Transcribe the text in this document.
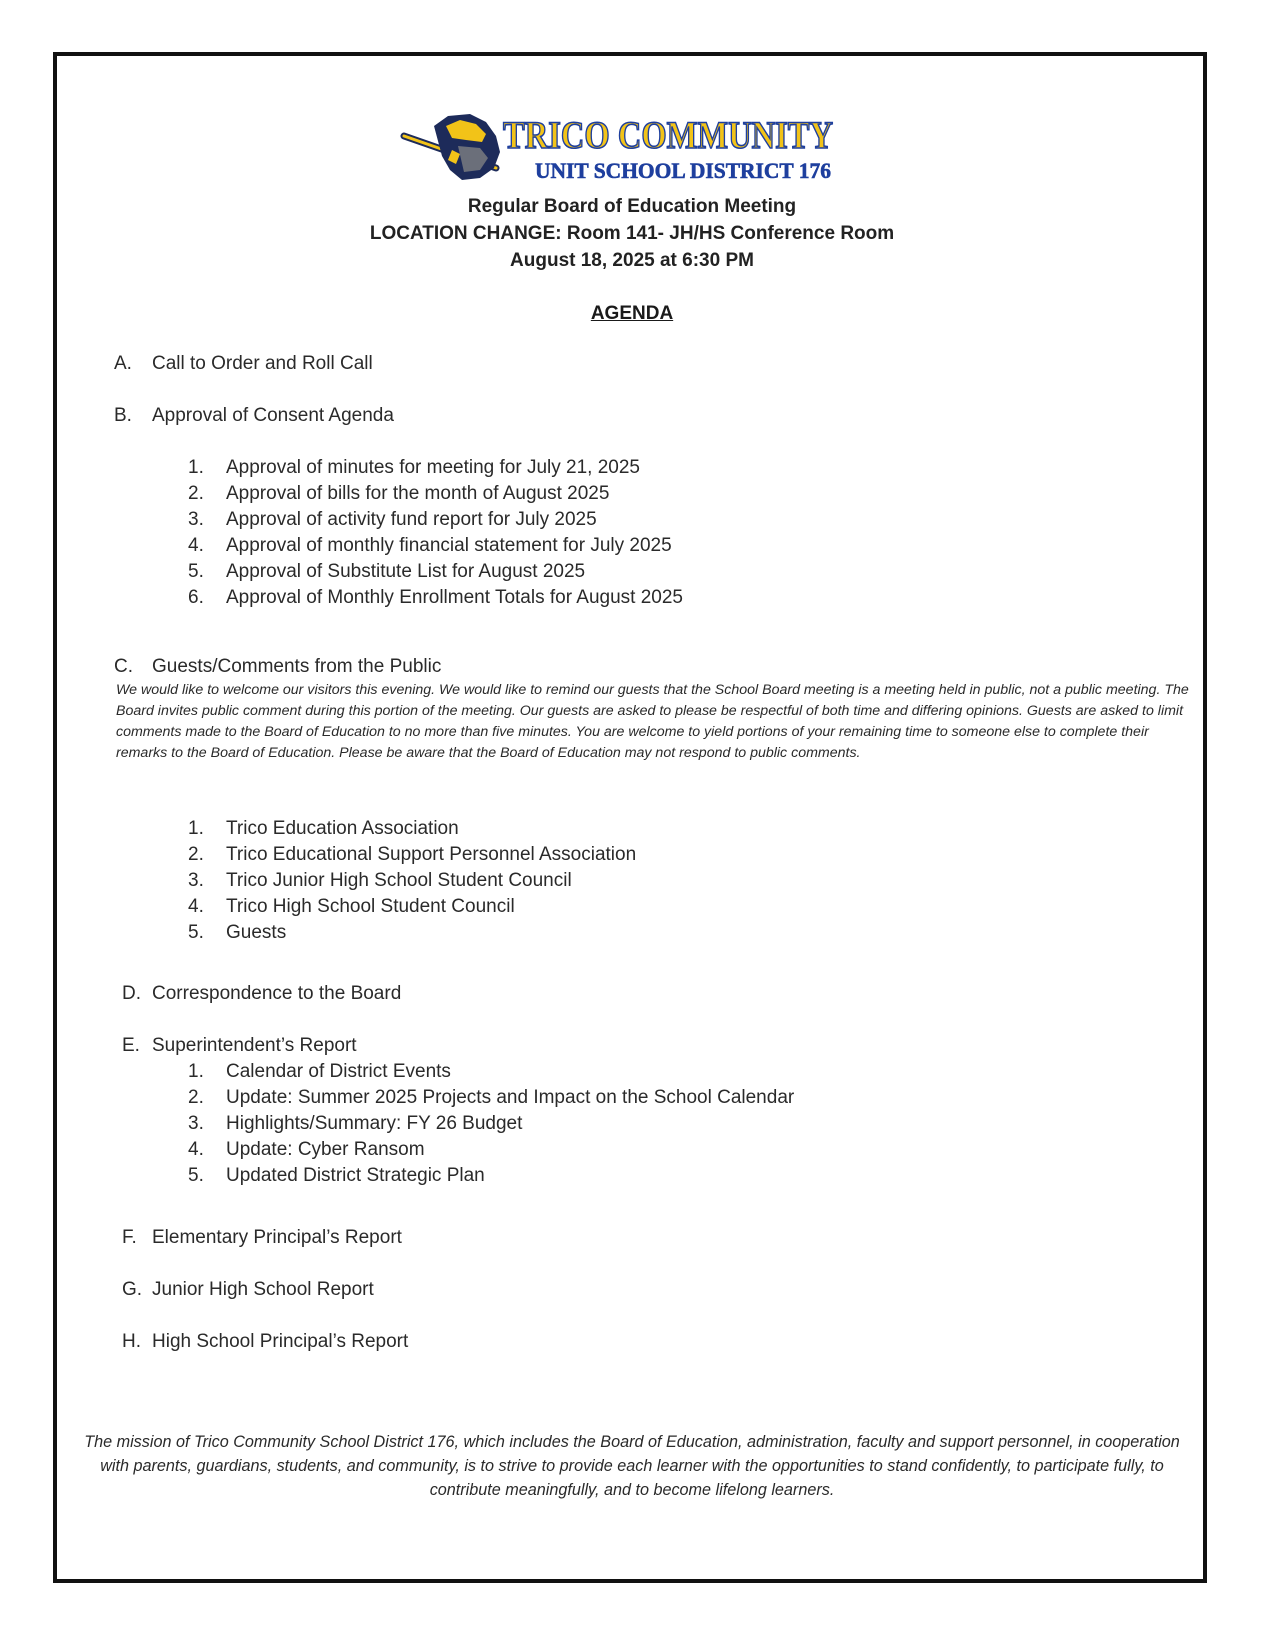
TRICO COMMUNITY
UNIT SCHOOL DISTRICT 176
Regular Board of Education Meeting
LOCATION CHANGE: Room 141- JH/HS Conference Room
August 18, 2025 at 6:30 PM
AGENDA
A. Call to Order and Roll Call
B. Approval of Consent Agenda
1. Approval of minutes for meeting for July 21, 2025
2. Approval of bills for the month of August 2025
3. Approval of activity fund report for July 2025
4. Approval of monthly financial statement for July 2025
5. Approval of Substitute List for August 2025
6. Approval of Monthly Enrollment Totals for August 2025
C. Guests/Comments from the Public
We would like to welcome our visitors this evening. We would like to remind our guests that the School Board meeting is a meeting held in public, not a public meeting. The Board invites public comment during this portion of the meeting. Our guests are asked to please be respectful of both time and differing opinions. Guests are asked to limit comments made to the Board of Education to no more than five minutes. You are welcome to yield portions of your remaining time to someone else to complete their remarks to the Board of Education. Please be aware that the Board of Education may not respond to public comments.
1. Trico Education Association
2. Trico Educational Support Personnel Association
3. Trico Junior High School Student Council
4. Trico High School Student Council
5. Guests
D. Correspondence to the Board
E. Superintendent’s Report
1. Calendar of District Events
2. Update: Summer 2025 Projects and Impact on the School Calendar
3. Highlights/Summary: FY 26 Budget
4. Update: Cyber Ransom
5. Updated District Strategic Plan
F. Elementary Principal’s Report
G. Junior High School Report
H. High School Principal’s Report
The mission of Trico Community School District 176, which includes the Board of Education, administration, faculty and support personnel, in cooperation with parents, guardians, students, and community, is to strive to provide each learner with the opportunities to stand confidently, to participate fully, to contribute meaningfully, and to become lifelong learners.
